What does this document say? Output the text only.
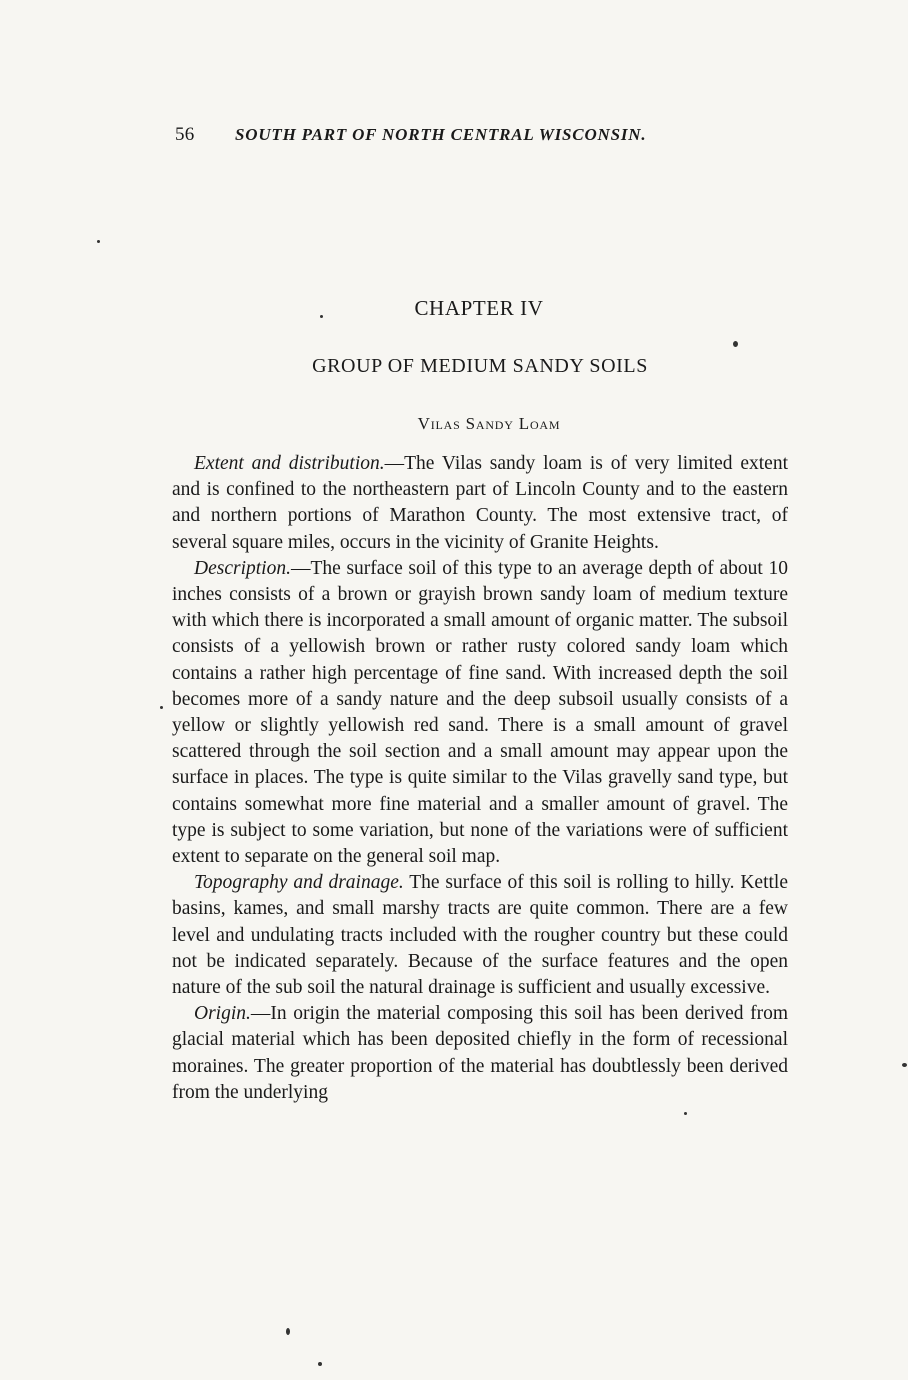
56 SOUTH PART OF NORTH CENTRAL WISCONSIN.
CHAPTER IV
GROUP OF MEDIUM SANDY SOILS
Vilas Sandy Loam

Extent and distribution.—The Vilas sandy loam is of very limited extent and is confined to the northeastern part of Lincoln County and to the eastern and northern portions of Marathon County. The most extensive tract, of several square miles, occurs in the vicinity of Granite Heights.

Description.—The surface soil of this type to an average depth of about 10 inches consists of a brown or grayish brown sandy loam of medium texture with which there is incorporated a small amount of organic matter. The subsoil consists of a yellowish brown or rather rusty colored sandy loam which contains a rather high percentage of fine sand. With increased depth the soil becomes more of a sandy nature and the deep subsoil usually consists of a yellow or slightly yellowish red sand. There is a small amount of gravel scattered through the soil section and a small amount may appear upon the surface in places. The type is quite similar to the Vilas gravelly sand type, but contains somewhat more fine material and a smaller amount of gravel. The type is subject to some variation, but none of the variations were of sufficient extent to separate on the general soil map.

Topography and drainage. The surface of this soil is rolling to hilly. Kettle basins, kames, and small marshy tracts are quite common. There are a few level and undulating tracts included with the rougher country but these could not be indicated separately. Because of the surface features and the open nature of the sub soil the natural drainage is sufficient and usually excessive.

Origin.—In origin the material composing this soil has been derived from glacial material which has been deposited chiefly in the form of recessional moraines. The greater proportion of the material has doubtlessly been derived from the underlying
